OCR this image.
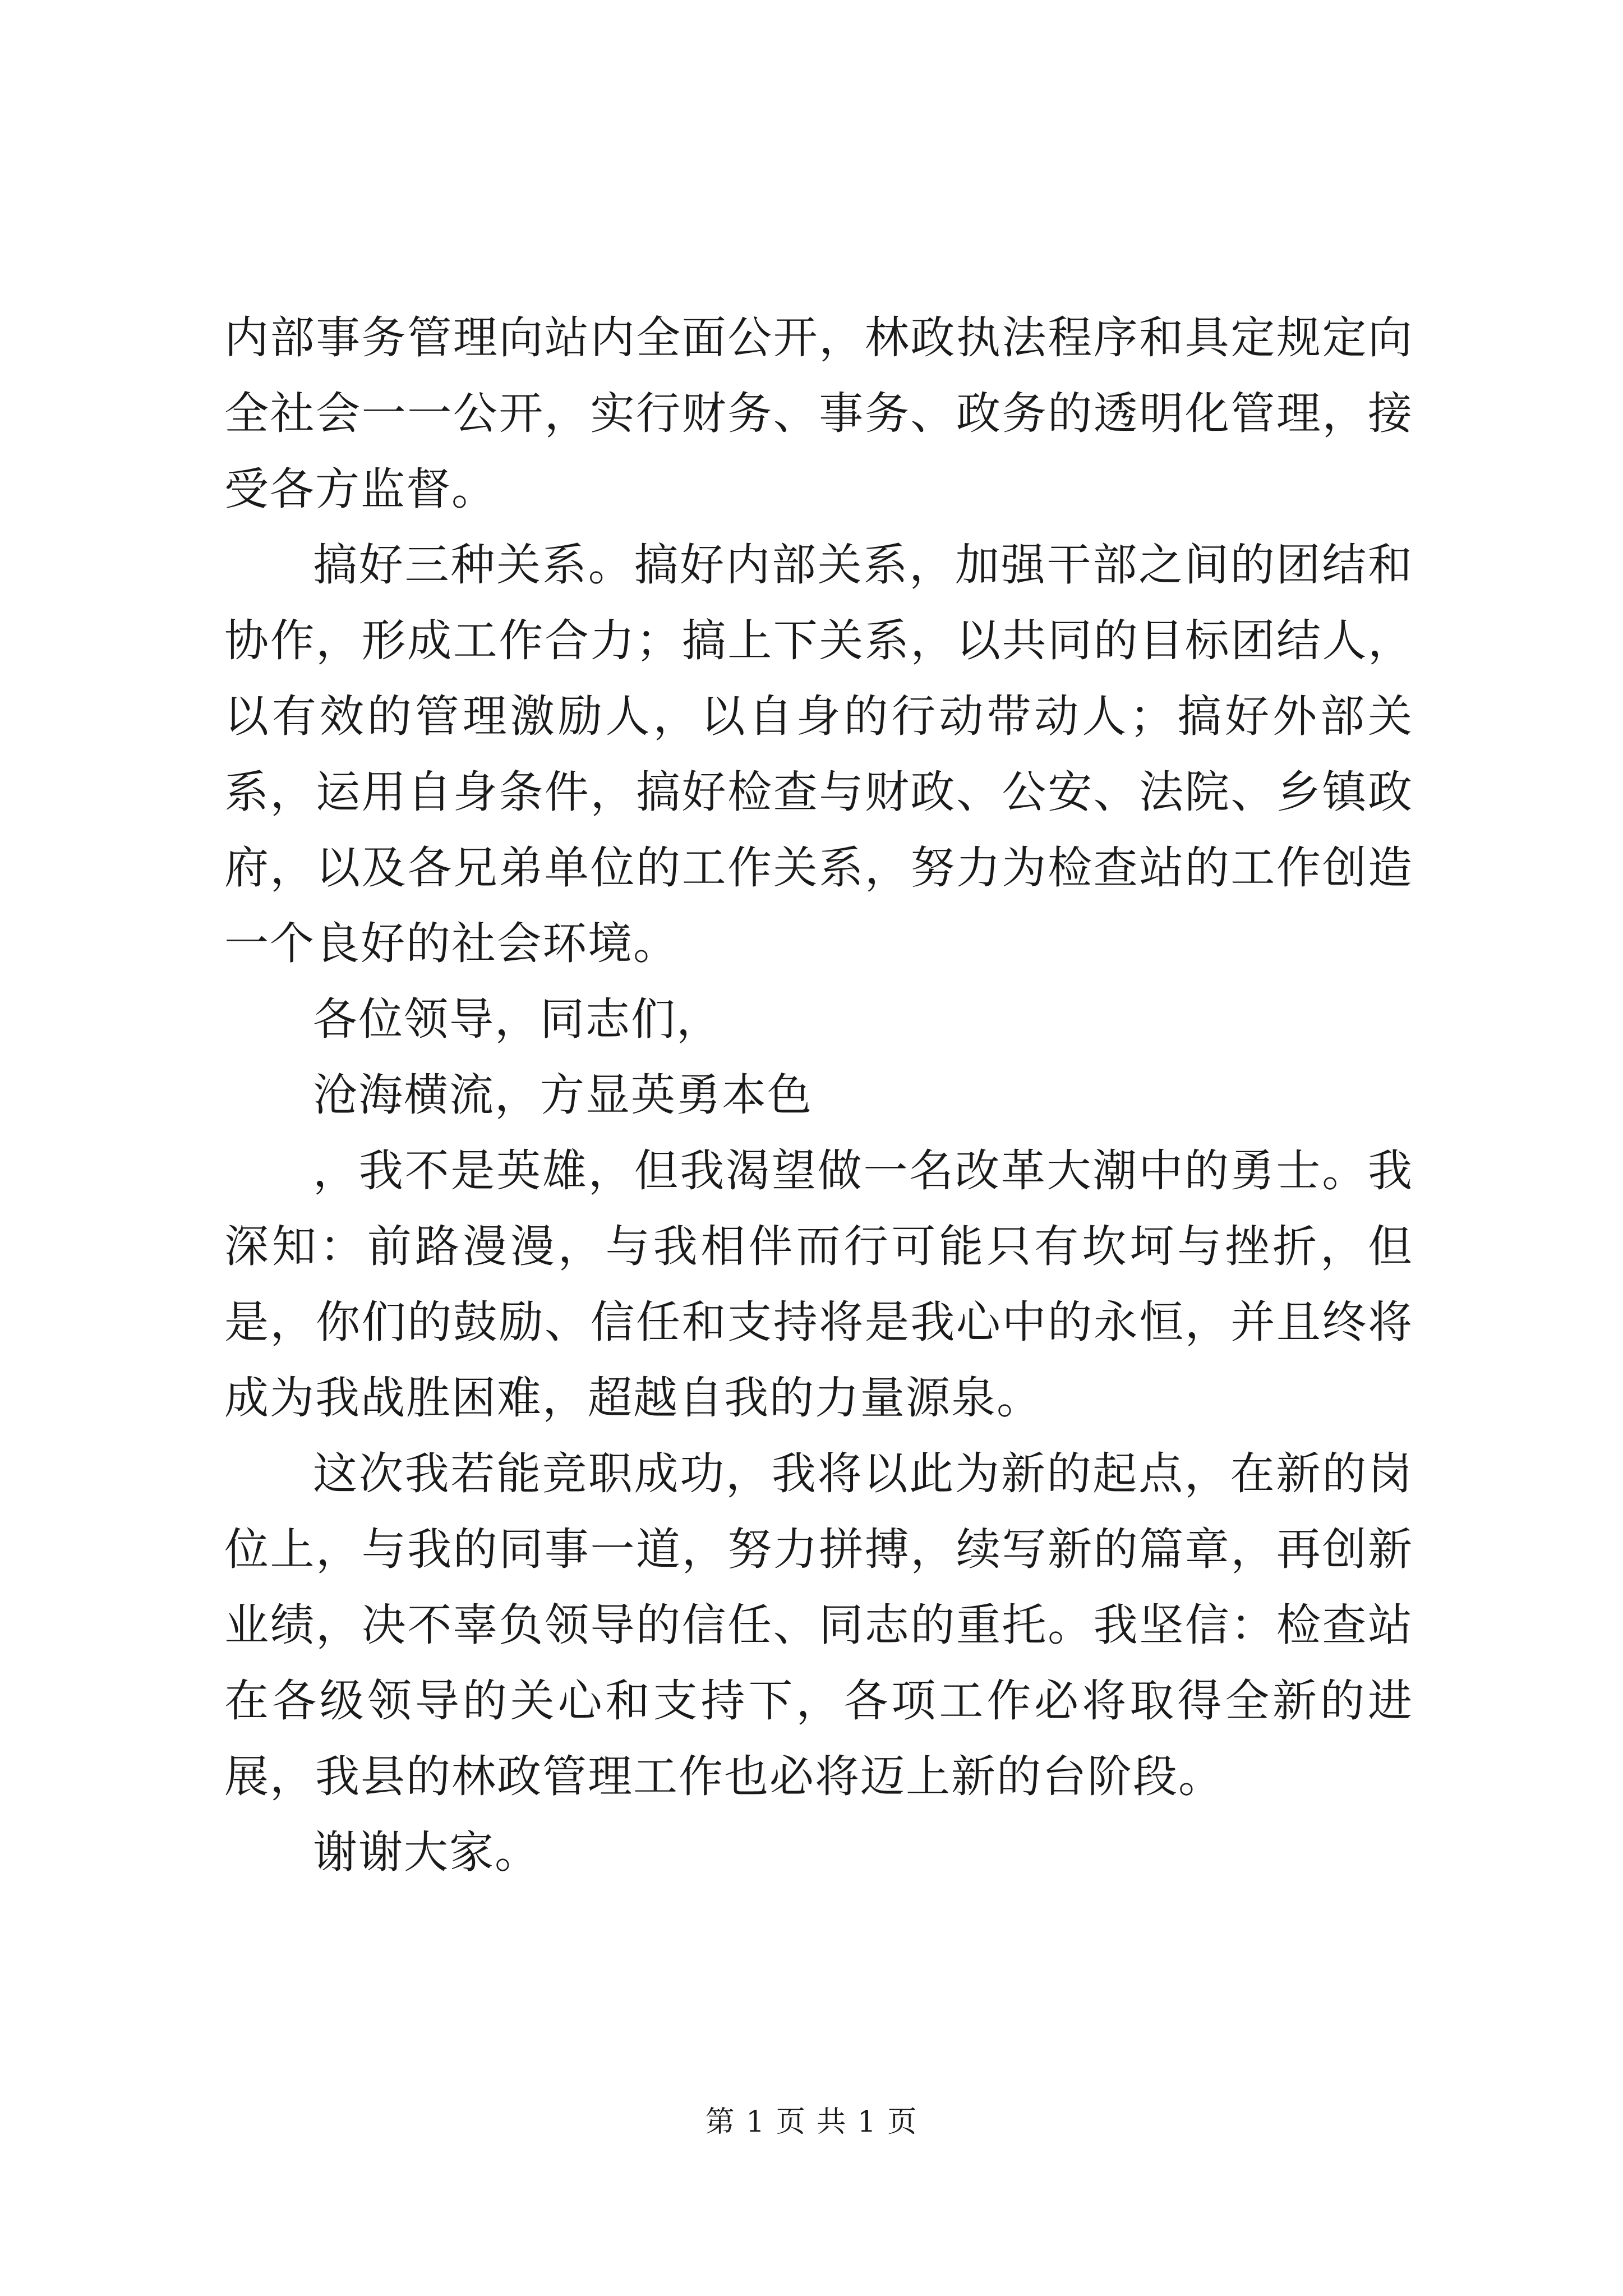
内部事务管理向站内全面公开，林政执法程序和具定规定向全社会一一公开，实行财务、事务、政务的透明化管理，接受各方监督。

搞好三种关系。搞好内部关系，加强干部之间的团结和协作，形成工作合力；搞上下关系，以共同的目标团结人，以有效的管理激励人，以自身的行动带动人；搞好外部关系，运用自身条件，搞好检查与财政、公安、法院、乡镇政府，以及各兄弟单位的工作关系，努力为检查站的工作创造一个良好的社会环境。

各位领导，同志们，

沧海横流，方显英勇本色

，我不是英雄，但我渴望做一名改革大潮中的勇士。我深知：前路漫漫，与我相伴而行可能只有坎坷与挫折，但是，你们的鼓励、信任和支持将是我心中的永恒，并且终将成为我战胜困难，超越自我的力量源泉。

这次我若能竞职成功，我将以此为新的起点，在新的岗位上，与我的同事一道，努力拼搏，续写新的篇章，再创新业绩，决不辜负领导的信任、同志的重托。我坚信：检查站在各级领导的关心和支持下，各项工作必将取得全新的进展，我县的林政管理工作也必将迈上新的台阶段。

谢谢大家。

第 1 页 共 1 页
